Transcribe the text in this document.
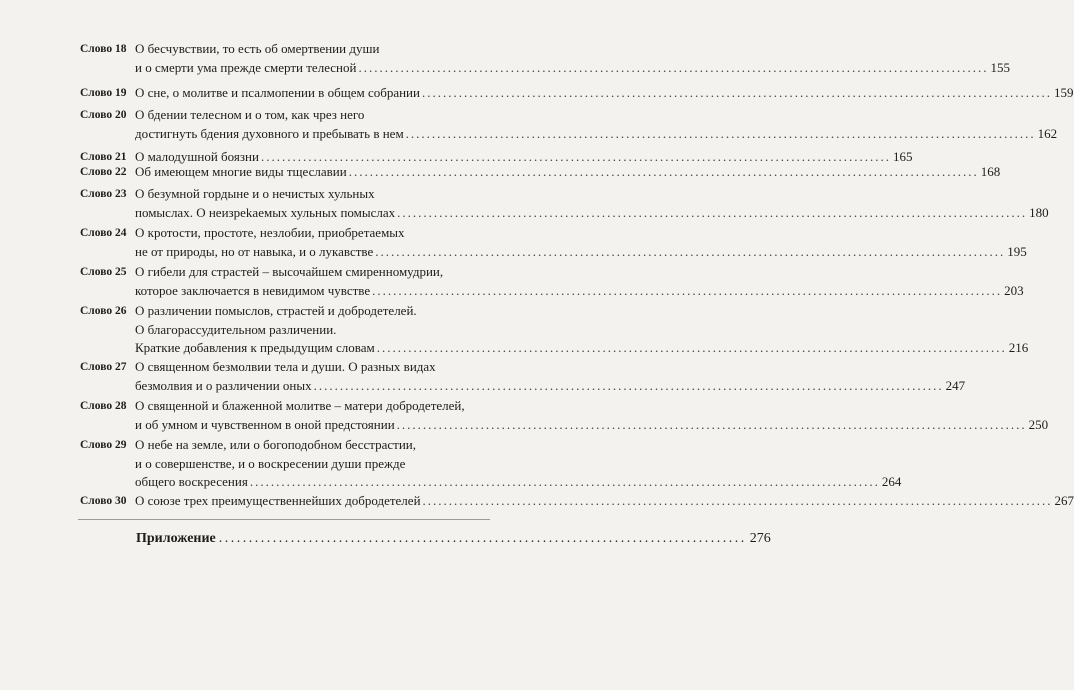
Слово 18 О бесчувствии, то есть об омертвении души
и о смерти ума прежде смерти телесной ........................................................................................................................ 155
Слово 19 О сне, о молитве и псалмопении в общем собрании ........................................................................................................................ 159
Слово 20 О бдении телесном и о том, как чрез него
достигнуть бдения духовного и пребывать в нем ........................................................................................................................ 162
Слово 21 О малодушной боязни ........................................................................................................................ 165
Слово 22 Об имеющем многие виды тщеславии ........................................................................................................................ 168
Слово 23 О безумной гордыне и о нечистых хульных
помыслах. О неизреkаемых хульных помыслах ........................................................................................................................ 180
Слово 24 О кротости, простоте, незлобии, приобретаемых
не от природы, но от навыка, и о лукавстве ........................................................................................................................ 195
Слово 25 О гибели для страстей – высочайшем смиренномудрии,
которое заключается в невидимом чувстве ........................................................................................................................ 203
Слово 26 О различении помыслов, страстей и добродетелей.
О благорассудительном различении.
Краткие добавления к предыдущим словам ........................................................................................................................ 216
Слово 27 О священном безмолвии тела и души. О разных видах
безмолвия и о различении оных ........................................................................................................................ 247
Слово 28 О священной и блаженной молитве – матери добродетелей,
и об умном и чувственном в оной предстоянии ........................................................................................................................ 250
Слово 29 О небе на земле, или о богоподобном бесстрастии,
и о совершенстве, и о воскресении души прежде
общего воскресения ........................................................................................................................ 264
Слово 30 О союзе трех преимущественнейших добродетелей ........................................................................................................................ 267
Приложение ........................................................................................ 276
